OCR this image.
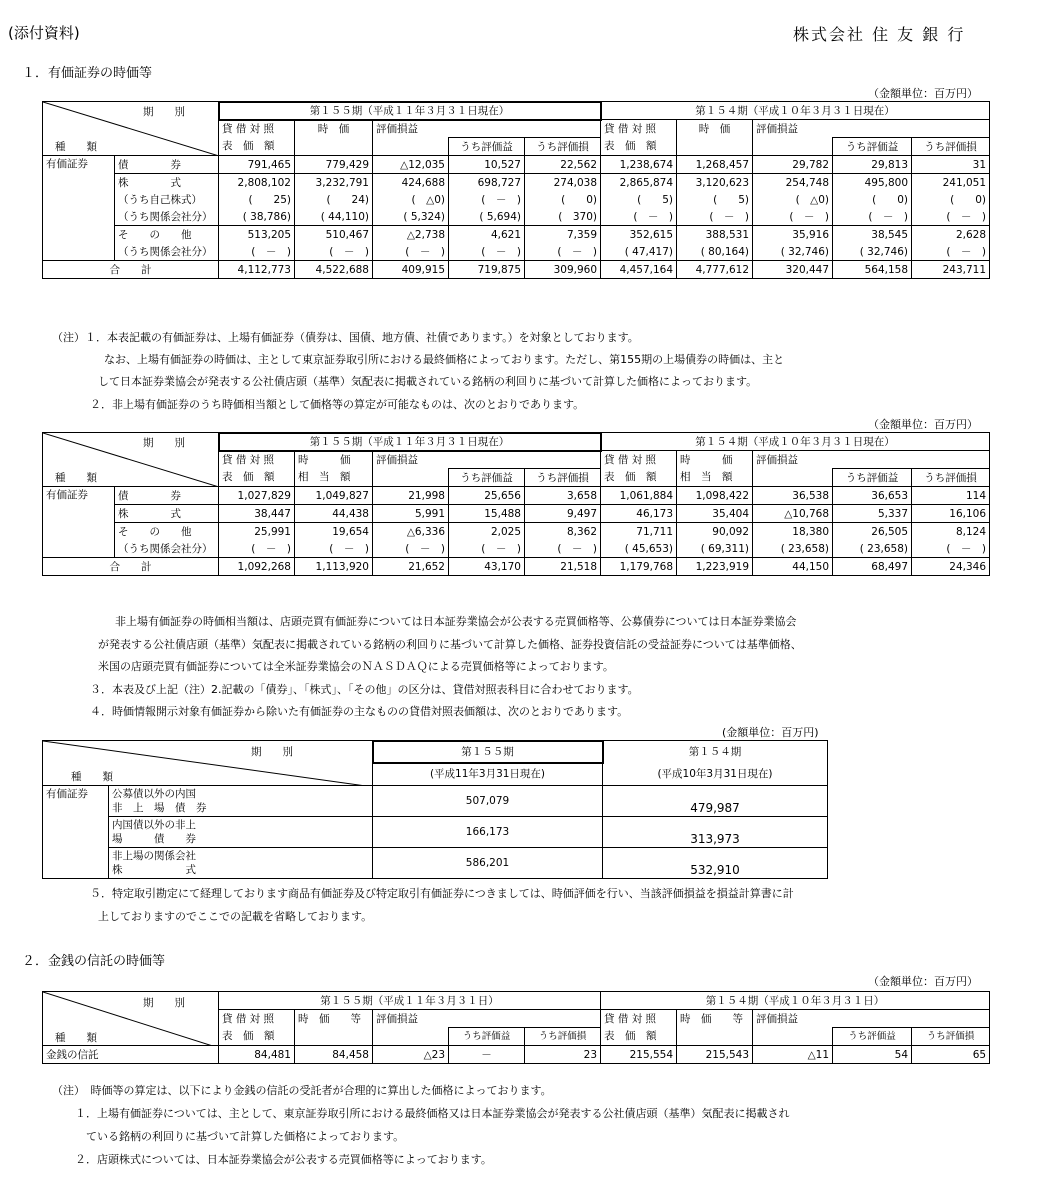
(添付資料)	株式会社 住 友 銀 行
１．有価証券の時価等
（金額単位：百万円）
期　　別
種　　類		第１５５期（平成１１年３月３１日現在）					第１５４期（平成１０年３月３１日現在）				
		貸 借 対 照	時　価	評価損益			貸 借 対 照	時　価	評価損益		
		表　価　額			うち評価益	うち評価損	表　価　額			うち評価益	うち評価損
有価証券	債　　　　券	791,465	779,429	△12,035	10,527	22,562	1,238,674	1,268,457	29,782	29,813	31
	株　　　　式	2,808,102	3,232,791	424,688	698,727	274,038	2,865,874	3,120,623	254,748	495,800	241,051
	（うち自己株式）	(　　25)	(　　24)	(　△0)	(　－　)	(　　0)	(　　5)	(　　5)	(　△0)	(　　0)	(　　0)
	（うち関係会社分）	( 38,786)	( 44,110)	( 5,324)	( 5,694)	(　370)	(　－　)	(　－　)	(　－　)	(　－　)	(　－　)
	そ　　の　　他	513,205	510,467	△2,738	4,621	7,359	352,615	388,531	35,916	38,545	2,628
	（うち関係会社分）	(　－　)	(　－　)	(　－　)	(　－　)	(　－　)	( 47,417)	( 80,164)	( 32,746)	( 32,746)	(　－　)
合　　計		4,112,773	4,522,688	409,915	719,875	309,960	4,457,164	4,777,612	320,447	564,158	243,711
（注）１．本表記載の有価証券は、上場有価証券（債券は、国債、地方債、社債であります。）を対象としております。
なお、上場有価証券の時価は、主として東京証券取引所における最終価格によっております。ただし、第155期の上場債券の時価は、主と
して日本証券業協会が発表する公社債店頭（基準）気配表に掲載されている銘柄の利回りに基づいて計算した価格によっております。
２．非上場有価証券のうち時価相当額として価格等の算定が可能なものは、次のとおりであります。
（金額単位：百万円）
期　　別
種　　類		第１５５期（平成１１年３月３１日現在）					第１５４期（平成１０年３月３１日現在）				
		貸 借 対 照	時　　　価	評価損益			貸 借 対 照	時　　　価	評価損益		
		表　価　額	相　当　額		うち評価益	うち評価損	表　価　額	相　当　額		うち評価益	うち評価損
有価証券	債　　　　券	1,027,829	1,049,827	21,998	25,656	3,658	1,061,884	1,098,422	36,538	36,653	114
	株　　　　式	38,447	44,438	5,991	15,488	9,497	46,173	35,404	△10,768	5,337	16,106
	そ　　の　　他	25,991	19,654	△6,336	2,025	8,362	71,711	90,092	18,380	26,505	8,124
	（うち関係会社分）	(　－　)	(　－　)	(　－　)	(　－　)	(　－　)	( 45,653)	( 69,311)	( 23,658)	( 23,658)	(　－　)
合　　計		1,092,268	1,113,920	21,652	43,170	21,518	1,179,768	1,223,919	44,150	68,497	24,346
非上場有価証券の時価相当額は、店頭売買有価証券については日本証券業協会が公表する売買価格等、公募債券については日本証券業協会
が発表する公社債店頭（基準）気配表に掲載されている銘柄の利回りに基づいて計算した価格、証券投資信託の受益証券については基準価格、
米国の店頭売買有価証券については全米証券業協会のＮＡＳＤＡＱによる売買価格等によっております。
３．本表及び上記（注）2.記載の「債券」、「株式」、「その他」の区分は、貸借対照表科目に合わせております。
４．時価情報開示対象有価証券から除いた有価証券の主なものの貸借対照表価額は、次のとおりであります。
(金額単位：百万円)
期　　別
種　　類		第１５５期	第１５４期
		(平成11年3月31日現在)	(平成10年3月31日現在)
有価証券	公募債以外の内国
非　上　場　債　券	507,079	479,987
	内国債以外の非上
場　　　債　　券	166,173	313,973
	非上場の関係会社
株　　　　　　式	586,201	532,910
５．特定取引勘定にて経理しております商品有価証券及び特定取引有価証券につきましては、時価評価を行い、当該評価損益を損益計算書に計
上しておりますのでここでの記載を省略しております。
２．金銭の信託の時価等
（金額単位：百万円）
期　　別
種　　類	第１５５期（平成１１年３月３１日）					第１５４期（平成１０年３月３１日）				
	貸 借 対 照	時　価　　等	評価損益			貸 借 対 照	時　価　　等	評価損益		
	表　価　額			うち評価益	うち評価損	表　価　額			うち評価益	うち評価損
金銭の信託	84,481	84,458	△23	－	23	215,554	215,543	△11	54	65
（注）　時価等の算定は、以下により金銭の信託の受託者が合理的に算出した価格によっております。
１．上場有価証券については、主として、東京証券取引所における最終価格又は日本証券業協会が発表する公社債店頭（基準）気配表に掲載され
ている銘柄の利回りに基づいて計算した価格によっております。
２．店頭株式については、日本証券業協会が公表する売買価格等によっております。
